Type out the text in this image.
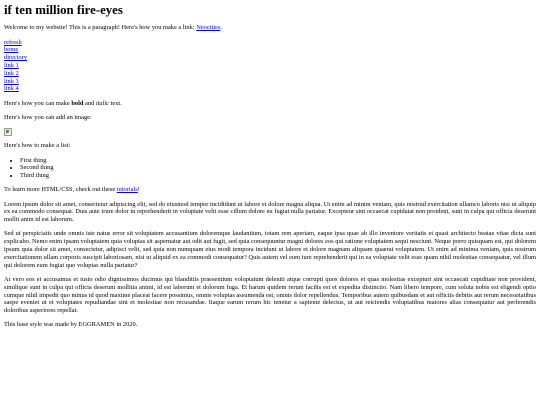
if ten million fire-eyes

Welcome to my website! This is a paragraph! Here's how you make a link: Neocities.

refresh
home
directory
link 1
link 2
link 3
link 4

Here's how you can make bold and italic text.

Here's how you can add an image:

Here's how to make a list:

• First thing
• Second thing
• Third thing

To learn more HTML/CSS, check out these tutorials!

Lorem ipsum dolor sit amet, consectetur adipiscing elit, sed do eiusmod tempor incididunt ut labore et dolore magna aliqua. Ut enim ad minim veniam, quis nostrud exercitation ullamco laboris nisi ut aliquip ex ea commodo consequat. Duis aute irure dolor in reprehenderit in voluptate velit esse cillum dolore eu fugiat nulla pariatur. Excepteur sint occaecat cupidatat non proident, sunt in culpa qui officia deserunt mollit anim id est laborum.

Sed ut perspiciatis unde omnis iste natus error sit voluptatem accusantium doloremque laudantium, totam rem aperiam, eaque ipsa quae ab illo inventore veritatis et quasi architecto beatae vitae dicta sunt explicabo. Nemo enim ipsam voluptatem quia voluptas sit aspernatur aut odit aut fugit, sed quia consequuntur magni dolores eos qui ratione voluptatem sequi nesciunt. Neque porro quisquam est, qui dolorem ipsum quia dolor sit amet, consectetur, adipisci velit, sed quia non numquam eius modi tempora incidunt ut labore et dolore magnam aliquam quaerat voluptatem. Ut enim ad minima veniam, quis nostrum exercitationem ullam corporis suscipit laboriosam, nisi ut aliquid ex ea commodi consequatur? Quis autem vel eum iure reprehenderit qui in ea voluptate velit esse quam nihil molestiae consequatur, vel illum qui dolorem eum fugiat quo voluptas nulla pariatur?

At vero eos et accusamus et iusto odio dignissimos ducimus qui blanditiis praesentium voluptatum deleniti atque corrupti quos dolores et quas molestias excepturi sint occaecati cupiditate non provident, similique sunt in culpa qui officia deserunt mollitia animi, id est laborum et dolorum fuga. Et harum quidem rerum facilis est et expedita distinctio. Nam libero tempore, cum soluta nobis est eligendi optio cumque nihil impedit quo minus id quod maxime placeat facere possimus, omnis voluptas assumenda est, omnis dolor repellendus. Temporibus autem quibusdam et aut officiis debitis aut rerum necessitatibus saepe eveniet ut et voluptates repudiandae sint et molestiae non recusandae. Itaque earum rerum hic tenetur a sapiente delectus, ut aut reiciendis voluptatibus maiores alias consequatur aut perferendis doloribus asperiores repellat.

This base style was made by EGGRAMEN in 2020.
